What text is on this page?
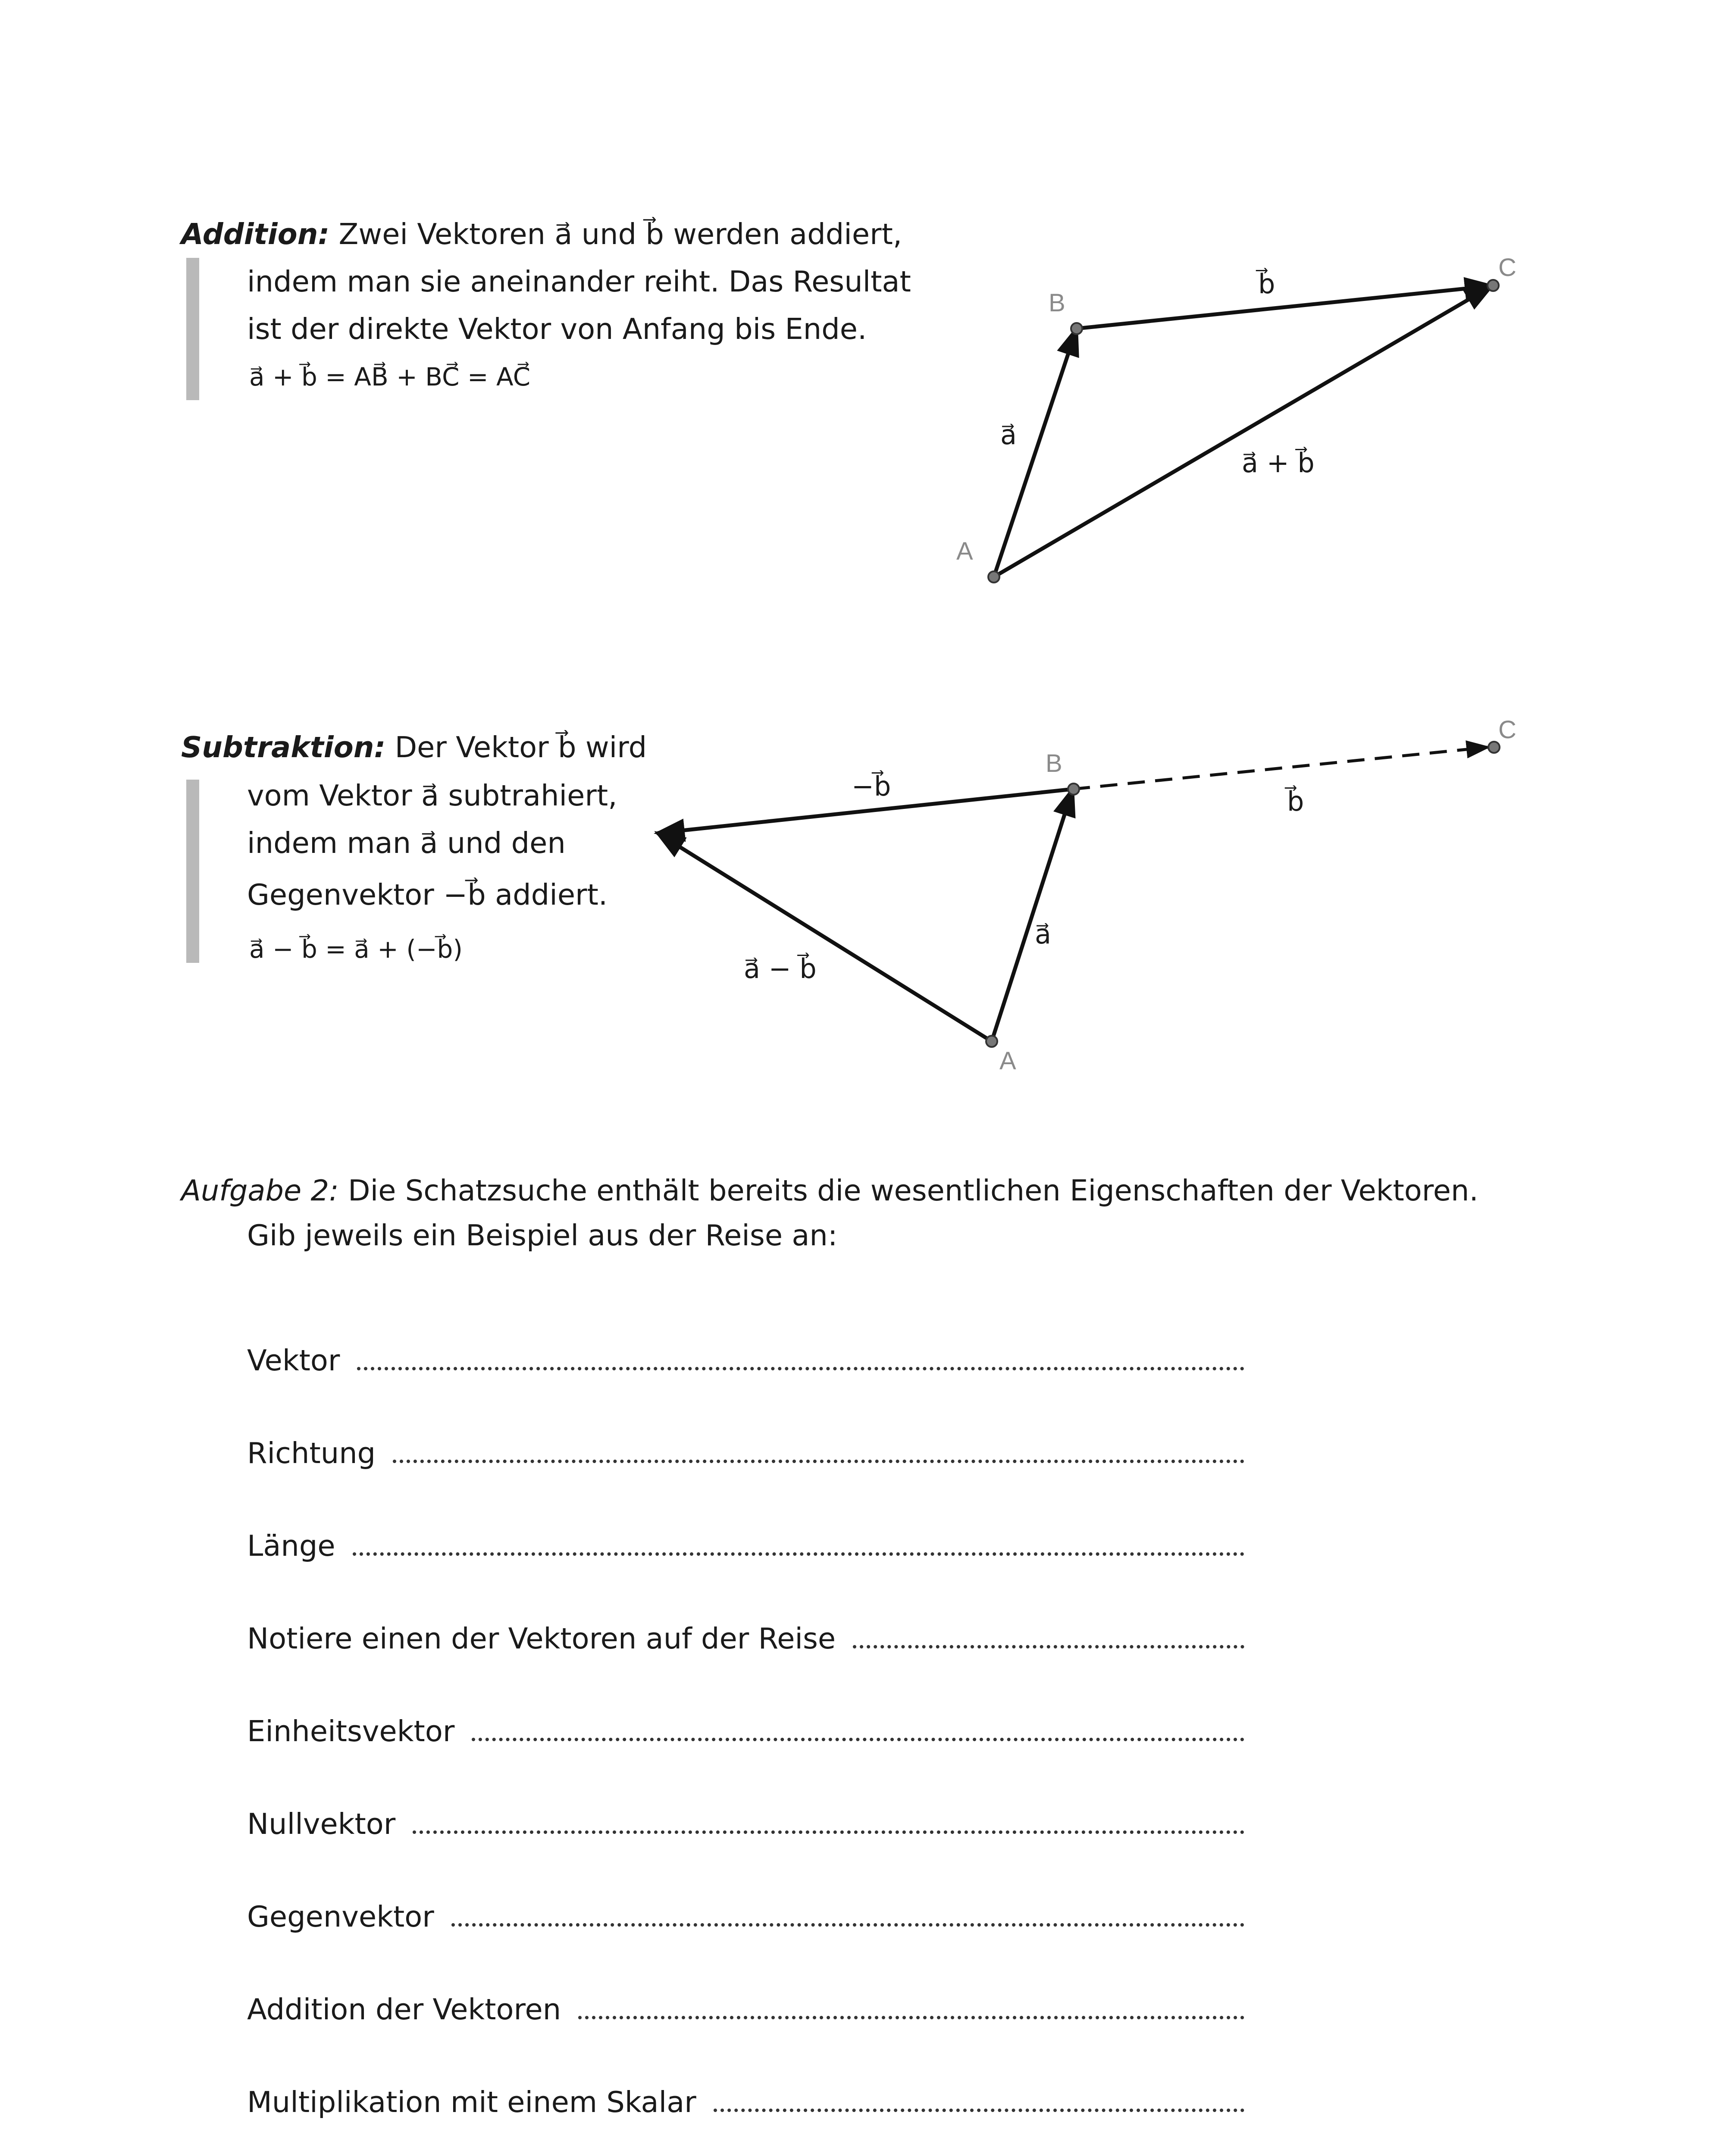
Addition: Zwei Vektoren a⃗ und b⃗ werden addiert,
indem man sie aneinander reiht. Das Resultat
ist der direkte Vektor von Anfang bis Ende.
a⃗ + b⃗ = AB⃗ + BC⃗ = AC⃗
A
B
C
a⃗
b⃗
a⃗ + b⃗
Subtraktion: Der Vektor b⃗ wird
vom Vektor a⃗ subtrahiert,
indem man a⃗ und den
Gegenvektor −b⃗ addiert.
a⃗ − b⃗ = a⃗ + (−b⃗)
A
B
C
a⃗
b⃗
−b⃗
a⃗ − b⃗
Aufgabe 2: Die Schatzsuche enthält bereits die wesentlichen Eigenschaften der Vektoren.
Gib jeweils ein Beispiel aus der Reise an:
Vektor
Richtung
Länge
Notiere einen der Vektoren auf der Reise
Einheitsvektor
Nullvektor
Gegenvektor
Addition der Vektoren
Multiplikation mit einem Skalar
